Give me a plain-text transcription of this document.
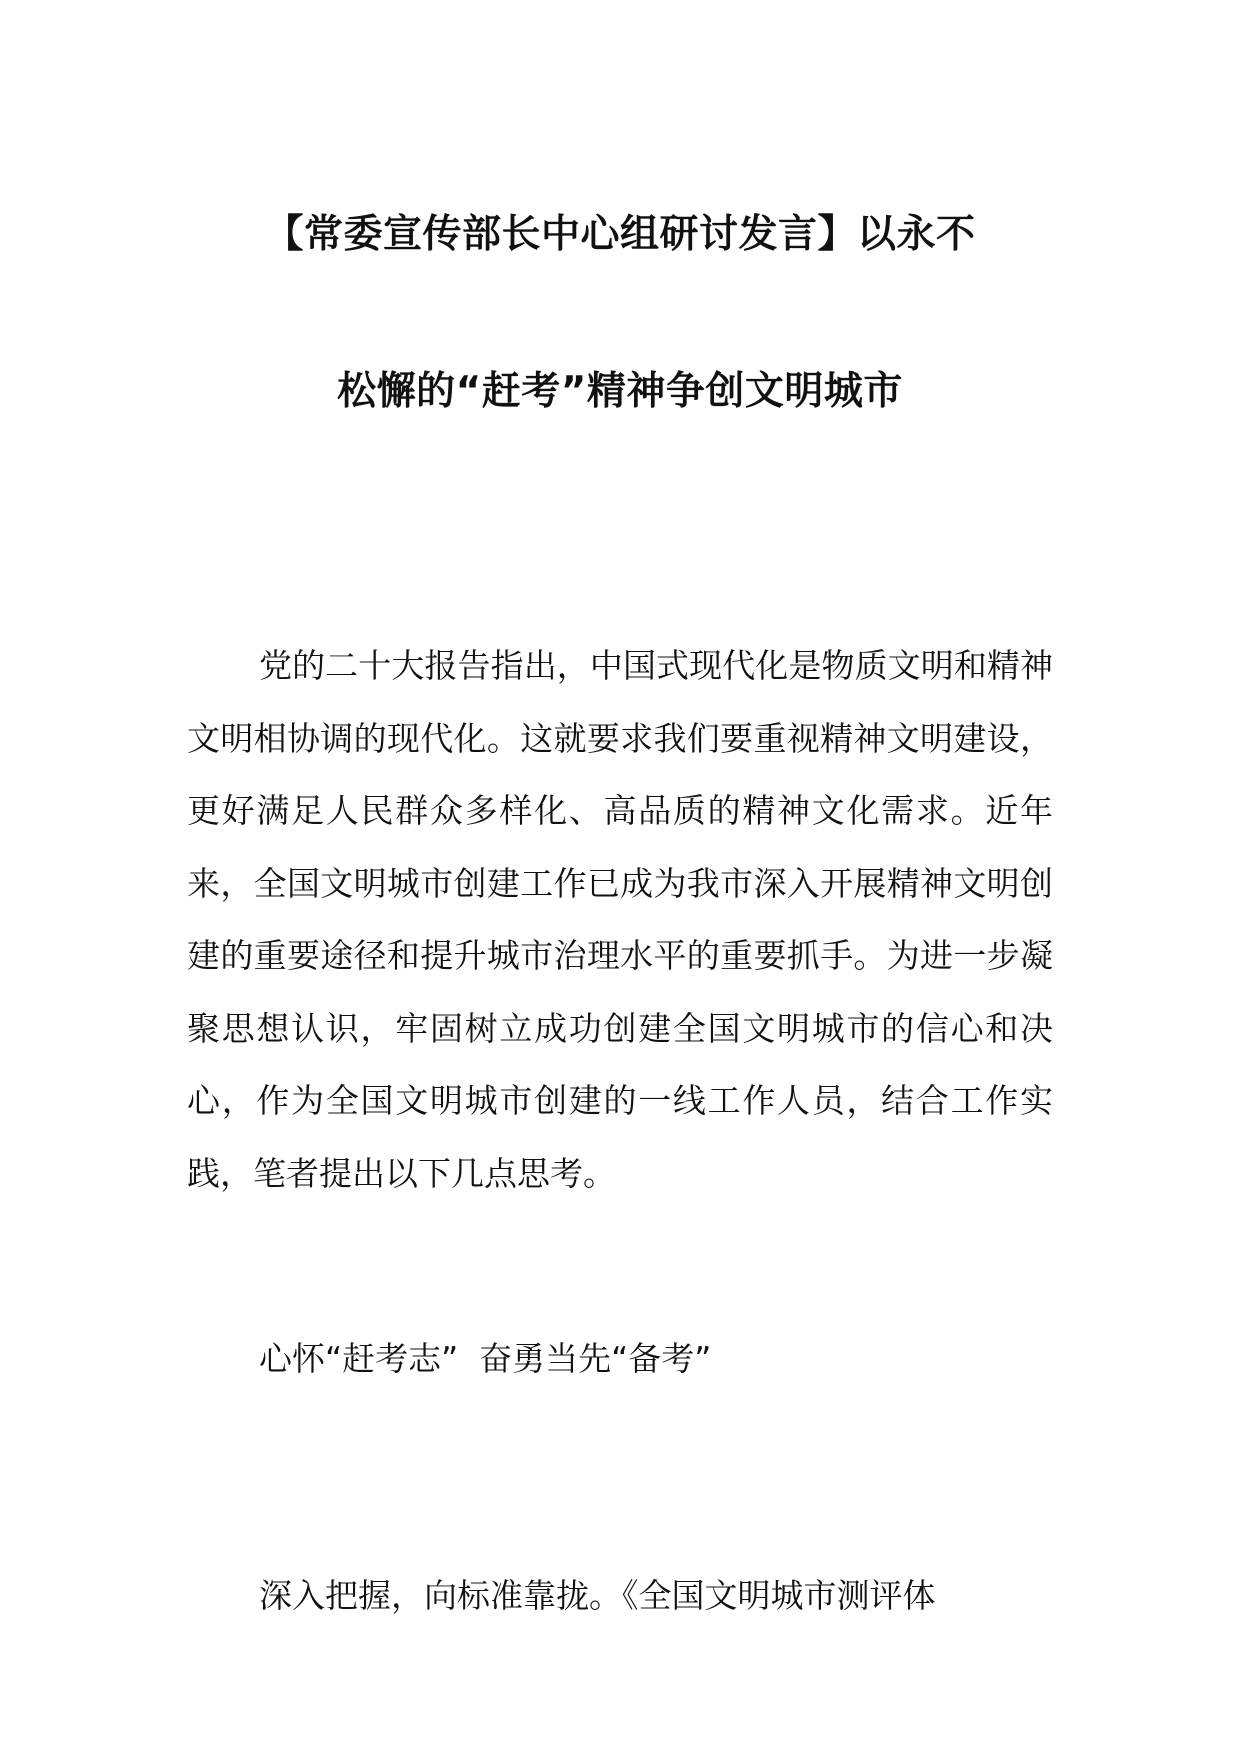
【常委宣传部长中心组研讨发言】以永不
松懈的“赶考”精神争创文明城市

党的二十大报告指出，中国式现代化是物质文明和精神文明相协调的现代化。这就要求我们要重视精神文明建设，更好满足人民群众多样化、高品质的精神文化需求。近年来，全国文明城市创建工作已成为我市深入开展精神文明创建的重要途径和提升城市治理水平的重要抓手。为进一步凝聚思想认识，牢固树立成功创建全国文明城市的信心和决心，作为全国文明城市创建的一线工作人员，结合工作实践，笔者提出以下几点思考。

心怀“赶考志”  奋勇当先“备考”

深入把握，向标准靠拢。《全国文明城市测评体
